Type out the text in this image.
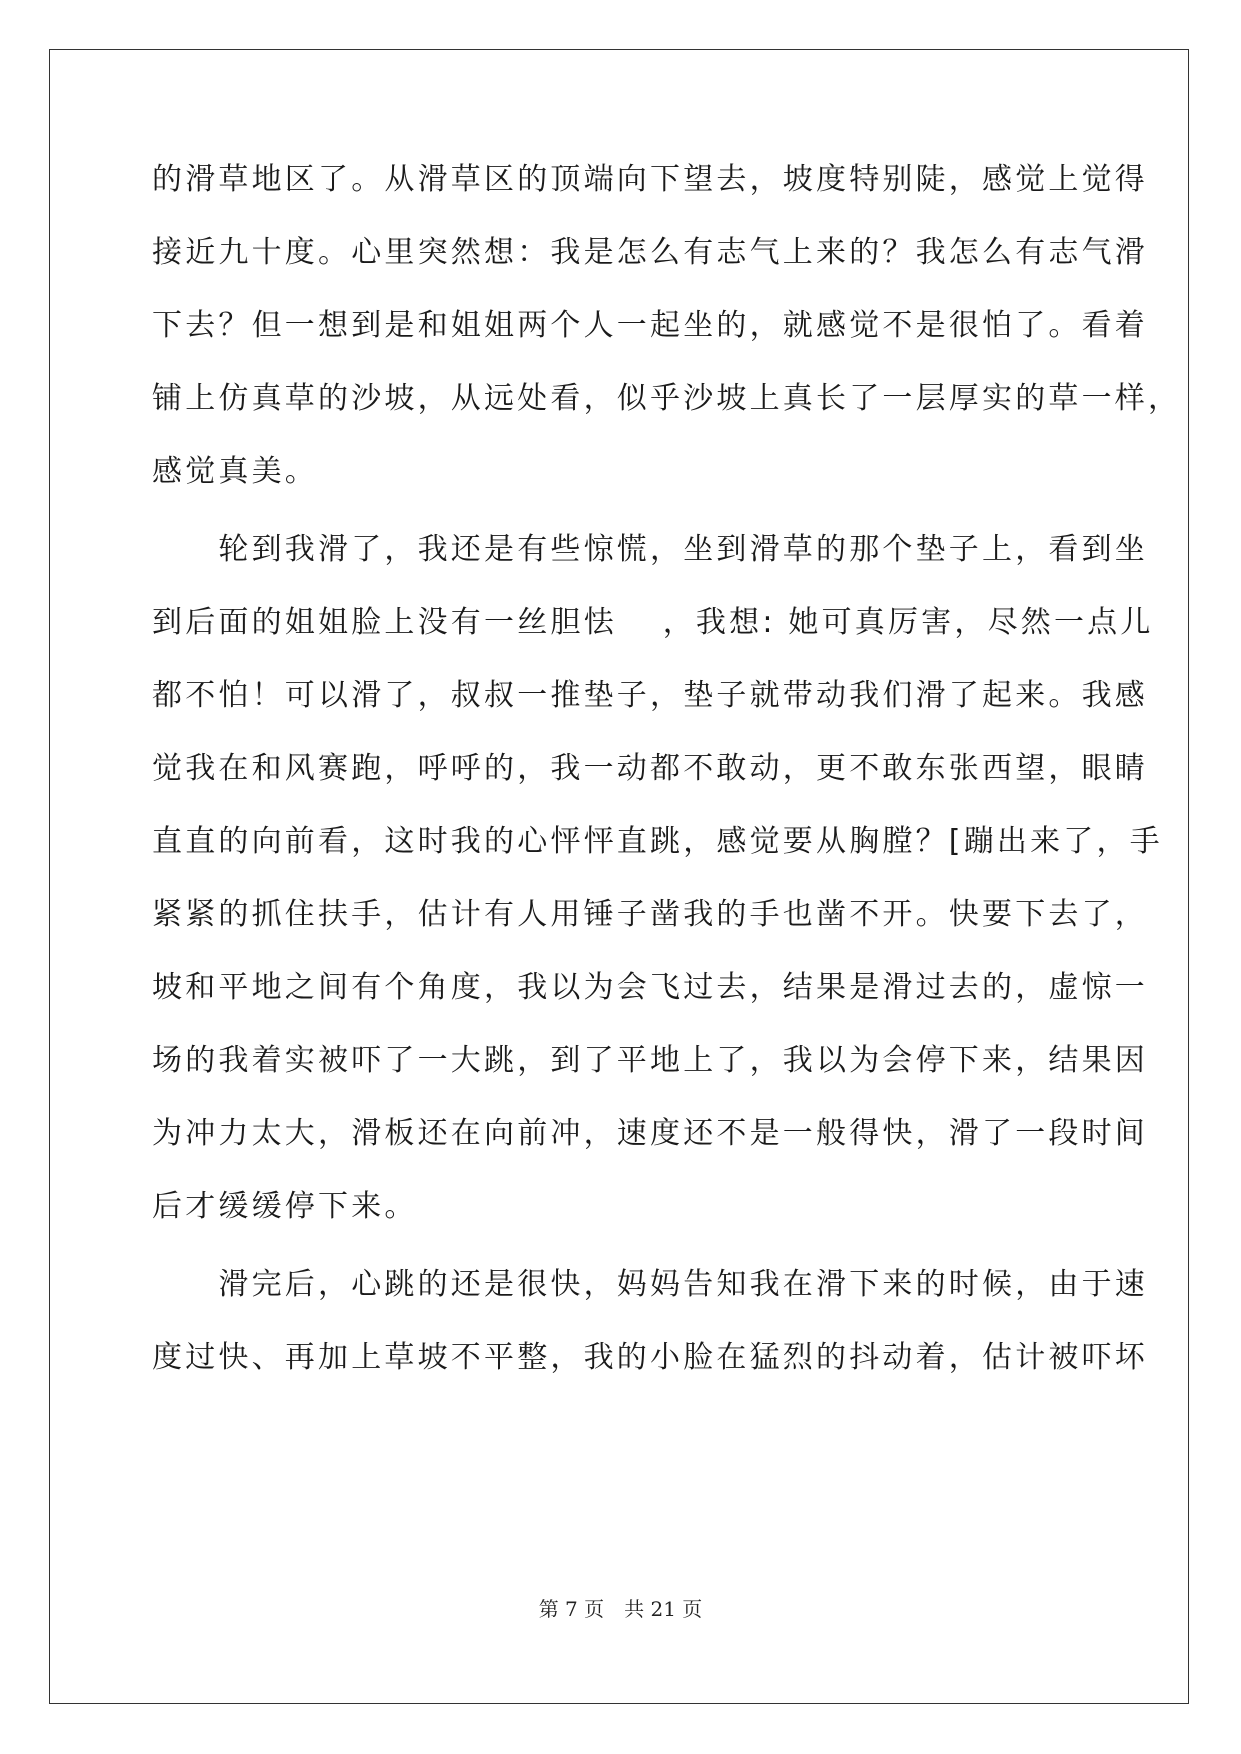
的滑草地区了。从滑草区的顶端向下望去，坡度特别陡，感觉上觉得
接近九十度。心里突然想：我是怎么有志气上来的？我怎么有志气滑
下去？但一想到是和姐姐两个人一起坐的，就感觉不是很怕了。看着
铺上仿真草的沙坡，从远处看，似乎沙坡上真长了一层厚实的草一样，
感觉真美。
　　轮到我滑了，我还是有些惊慌，坐到滑草的那个垫子上，看到坐
到后面的姐姐脸上没有一丝胆怯　 ，我想: 她可真厉害，尽然一点儿
都不怕！可以滑了，叔叔一推垫子，垫子就带动我们滑了起来。我感
觉我在和风赛跑，呼呼的，我一动都不敢动，更不敢东张西望，眼睛
直直的向前看，这时我的心怦怦直跳，感觉要从胸膛？[蹦出来了，手
紧紧的抓住扶手，估计有人用锤子凿我的手也凿不开。快要下去了，
坡和平地之间有个角度，我以为会飞过去，结果是滑过去的，虚惊一
场的我着实被吓了一大跳，到了平地上了，我以为会停下来，结果因
为冲力太大，滑板还在向前冲，速度还不是一般得快，滑了一段时间
后才缓缓停下来。
　　滑完后，心跳的还是很快，妈妈告知我在滑下来的时候，由于速
度过快、再加上草坡不平整，我的小脸在猛烈的抖动着，估计被吓坏
第 7 页　共 21 页
